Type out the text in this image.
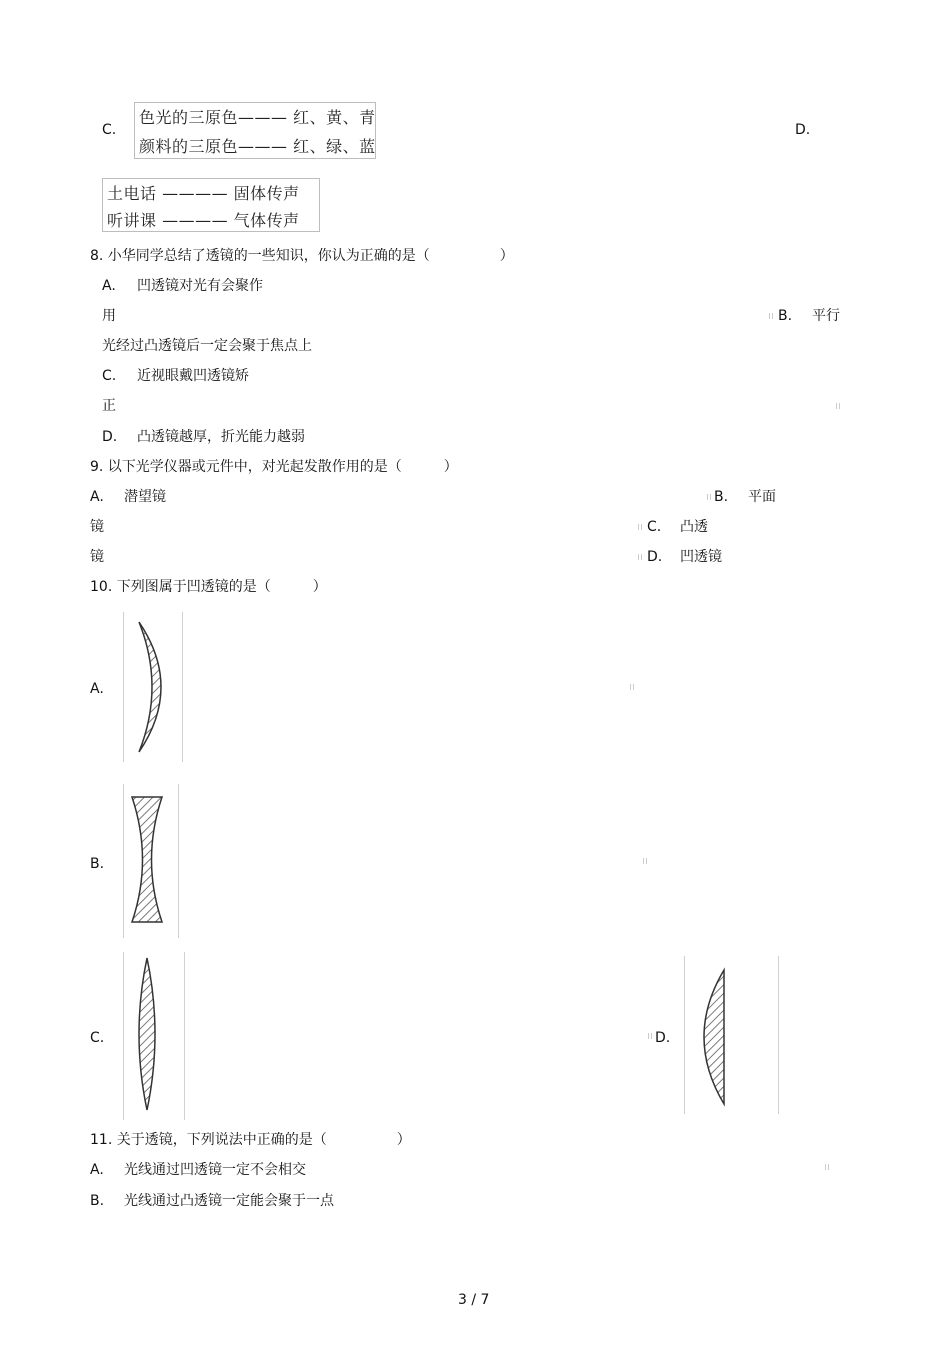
C.
色光的三原色——— 红、黄、青
颜料的三原色——— 红、绿、蓝
D.
土电话 ———— 固体传声
听讲课 ———— 气体传声
8. 小华同学总结了透镜的一些知识，你认为正确的是（　　　　　）
A. 凹透镜对光有会聚作
用	B. 平行
光经过凸透镜后一定会聚于焦点上
C. 近视眼戴凹透镜矫
正
D. 凸透镜越厚，折光能力越弱
9. 以下光学仪器或元件中，对光起发散作用的是（　　　）
A. 潜望镜	B. 平面
镜	C. 凸透
镜	D. 凹透镜
10. 下列图属于凹透镜的是（　　　）
A.
B.
C.	D.
11. 关于透镜，下列说法中正确的是（　　　　　）
A. 光线通过凹透镜一定不会相交
B. 光线通过凸透镜一定能会聚于一点
3 / 7
